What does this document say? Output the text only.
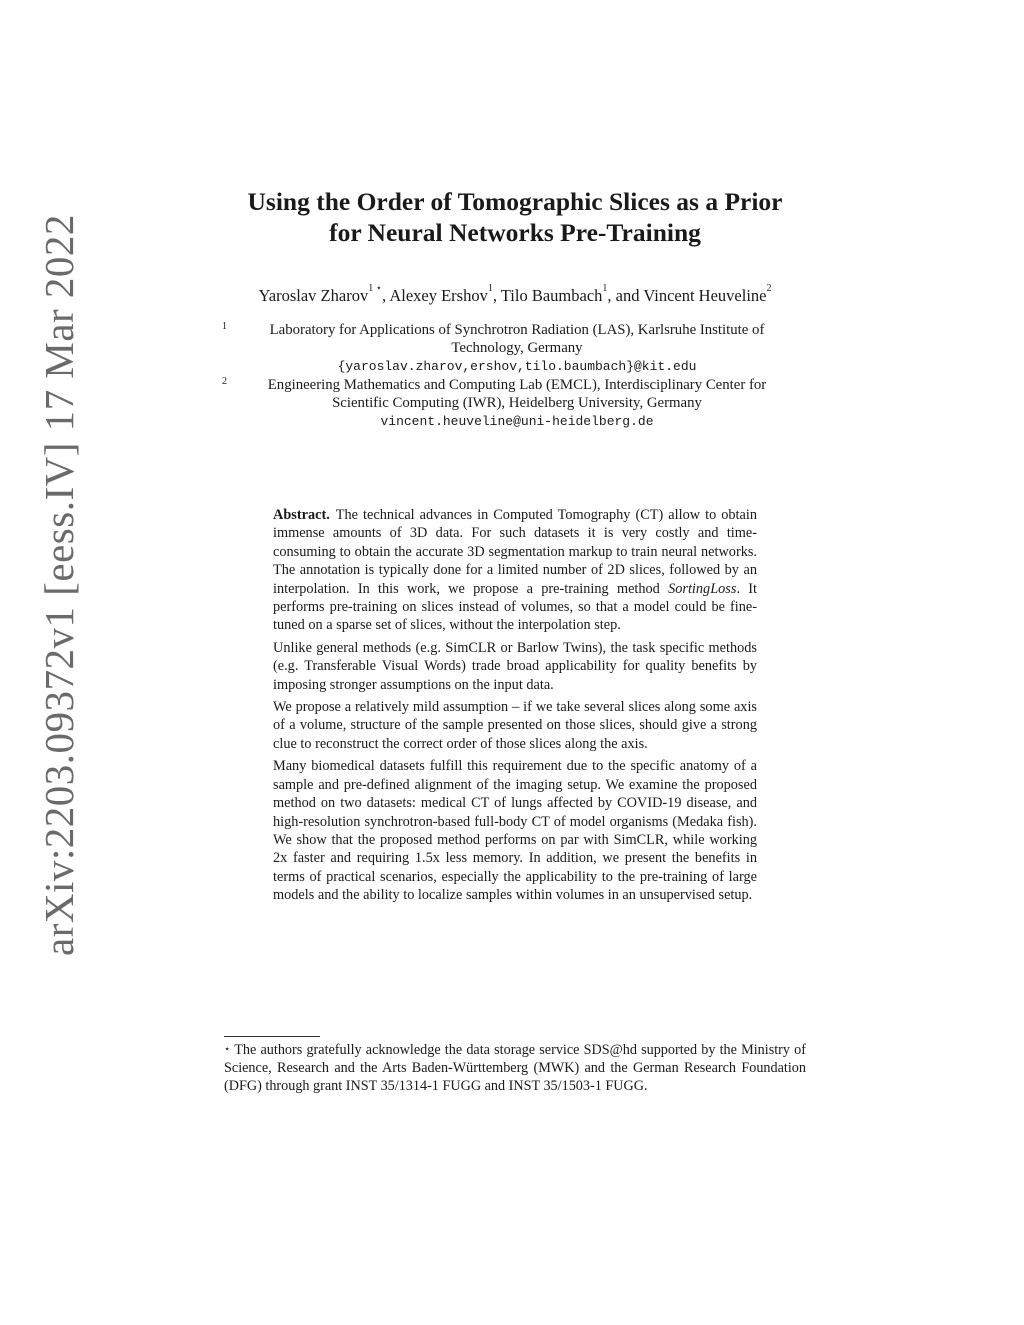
arXiv:2203.09372v1 [eess.IV] 17 Mar 2022
Using the Order of Tomographic Slices as a Prior
for Neural Networks Pre-Training
Yaroslav Zharov$^{1 ⋆}$, Alexey Ershov$^1$, Tilo Baumbach$^1$, and Vincent Heuveline$^2$
1	Laboratory for Applications of Synchrotron Radiation (LAS), Karlsruhe Institute of
Technology, Germany
{yaroslav.zharov,ershov,tilo.baumbach}@kit.edu
2	Engineering Mathematics and Computing Lab (EMCL), Interdisciplinary Center for
Scientific Computing (IWR), Heidelberg University, Germany
vincent.heuveline@uni-heidelberg.de

Abstract. The technical advances in Computed Tomography (CT) allow to obtain immense amounts of 3D data. For such datasets it is very costly and time-consuming to obtain the accurate 3D segmentation markup to train neural networks. The annotation is typically done for a limited number of 2D slices, followed by an interpolation. In this work, we propose a pre-training method SortingLoss. It performs pre-training on slices instead of volumes, so that a model could be fine-tuned on a sparse set of slices, without the interpolation step.

Unlike general methods (e.g. SimCLR or Barlow Twins), the task specific methods (e.g. Transferable Visual Words) trade broad applicability for quality benefits by imposing stronger assumptions on the input data.

We propose a relatively mild assumption – if we take several slices along some axis of a volume, structure of the sample presented on those slices, should give a strong clue to reconstruct the correct order of those slices along the axis.

Many biomedical datasets fulfill this requirement due to the specific anatomy of a sample and pre-defined alignment of the imaging setup. We examine the proposed method on two datasets: medical CT of lungs affected by COVID-19 disease, and high-resolution synchrotron-based full-body CT of model organisms (Medaka fish). We show that the proposed method performs on par with SimCLR, while working 2x faster and requiring 1.5x less memory. In addition, we present the benefits in terms of practical scenarios, especially the applicability to the pre-training of large models and the ability to localize samples within volumes in an unsupervised setup.

⋆ The authors gratefully acknowledge the data storage service SDS@hd supported by the Ministry of Science, Research and the Arts Baden-Württemberg (MWK) and the German Research Foundation (DFG) through grant INST 35/1314-1 FUGG and INST 35/1503-1 FUGG.
